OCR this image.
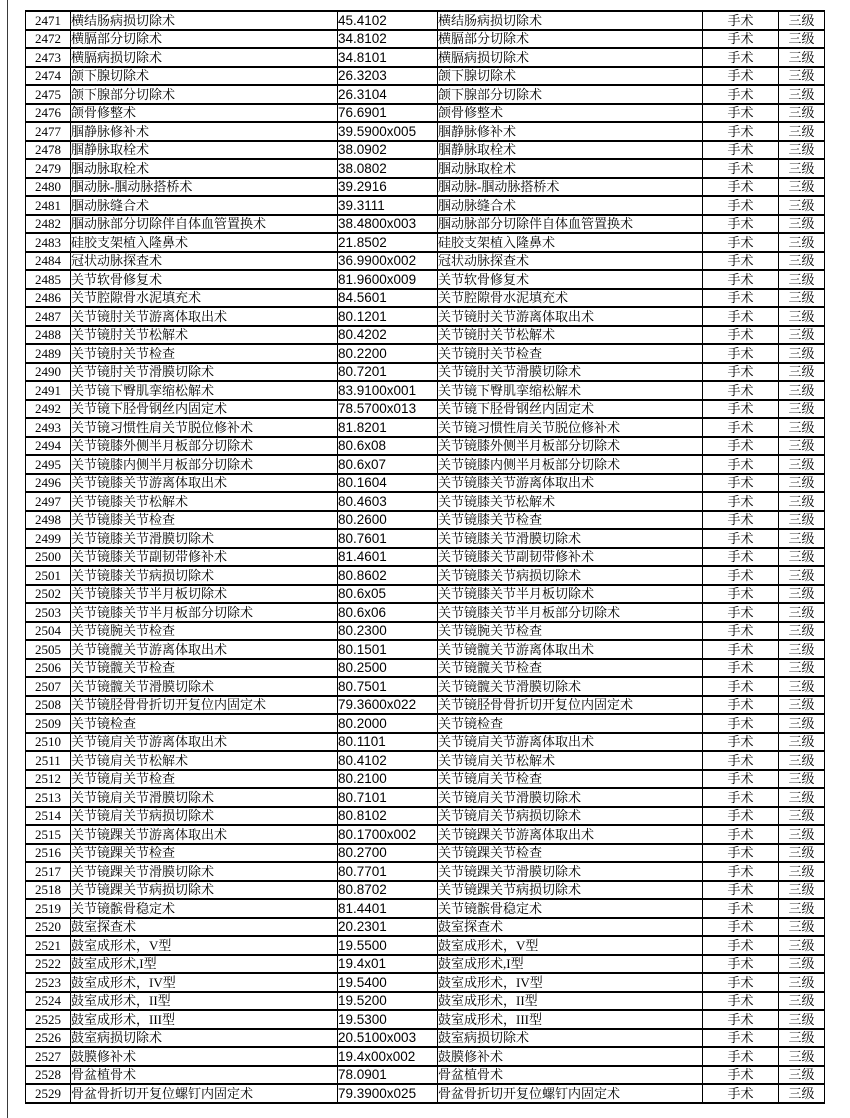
2471	横结肠病损切除术	45.4102	横结肠病损切除术	手术	三级
2472	横膈部分切除术	34.8102	横膈部分切除术	手术	三级
2473	横膈病损切除术	34.8101	横膈病损切除术	手术	三级
2474	颌下腺切除术	26.3203	颌下腺切除术	手术	三级
2475	颌下腺部分切除术	26.3104	颌下腺部分切除术	手术	三级
2476	颌骨修整术	76.6901	颌骨修整术	手术	三级
2477	腘静脉修补术	39.5900x005	腘静脉修补术	手术	三级
2478	腘静脉取栓术	38.0902	腘静脉取栓术	手术	三级
2479	腘动脉取栓术	38.0802	腘动脉取栓术	手术	三级
2480	腘动脉-腘动脉搭桥术	39.2916	腘动脉-腘动脉搭桥术	手术	三级
2481	腘动脉缝合术	39.3111	腘动脉缝合术	手术	三级
2482	腘动脉部分切除伴自体血管置换术	38.4800x003	腘动脉部分切除伴自体血管置换术	手术	三级
2483	硅胶支架植入隆鼻术	21.8502	硅胶支架植入隆鼻术	手术	三级
2484	冠状动脉探查术	36.9900x002	冠状动脉探查术	手术	三级
2485	关节软骨修复术	81.9600x009	关节软骨修复术	手术	三级
2486	关节腔隙骨水泥填充术	84.5601	关节腔隙骨水泥填充术	手术	三级
2487	关节镜肘关节游离体取出术	80.1201	关节镜肘关节游离体取出术	手术	三级
2488	关节镜肘关节松解术	80.4202	关节镜肘关节松解术	手术	三级
2489	关节镜肘关节检查	80.2200	关节镜肘关节检查	手术	三级
2490	关节镜肘关节滑膜切除术	80.7201	关节镜肘关节滑膜切除术	手术	三级
2491	关节镜下臀肌挛缩松解术	83.9100x001	关节镜下臀肌挛缩松解术	手术	三级
2492	关节镜下胫骨钢丝内固定术	78.5700x013	关节镜下胫骨钢丝内固定术	手术	三级
2493	关节镜习惯性肩关节脱位修补术	81.8201	关节镜习惯性肩关节脱位修补术	手术	三级
2494	关节镜膝外侧半月板部分切除术	80.6x08	关节镜膝外侧半月板部分切除术	手术	三级
2495	关节镜膝内侧半月板部分切除术	80.6x07	关节镜膝内侧半月板部分切除术	手术	三级
2496	关节镜膝关节游离体取出术	80.1604	关节镜膝关节游离体取出术	手术	三级
2497	关节镜膝关节松解术	80.4603	关节镜膝关节松解术	手术	三级
2498	关节镜膝关节检查	80.2600	关节镜膝关节检查	手术	三级
2499	关节镜膝关节滑膜切除术	80.7601	关节镜膝关节滑膜切除术	手术	三级
2500	关节镜膝关节副韧带修补术	81.4601	关节镜膝关节副韧带修补术	手术	三级
2501	关节镜膝关节病损切除术	80.8602	关节镜膝关节病损切除术	手术	三级
2502	关节镜膝关节半月板切除术	80.6x05	关节镜膝关节半月板切除术	手术	三级
2503	关节镜膝关节半月板部分切除术	80.6x06	关节镜膝关节半月板部分切除术	手术	三级
2504	关节镜腕关节检查	80.2300	关节镜腕关节检查	手术	三级
2505	关节镜髋关节游离体取出术	80.1501	关节镜髋关节游离体取出术	手术	三级
2506	关节镜髋关节检查	80.2500	关节镜髋关节检查	手术	三级
2507	关节镜髋关节滑膜切除术	80.7501	关节镜髋关节滑膜切除术	手术	三级
2508	关节镜胫骨骨折切开复位内固定术	79.3600x022	关节镜胫骨骨折切开复位内固定术	手术	三级
2509	关节镜检查	80.2000	关节镜检查	手术	三级
2510	关节镜肩关节游离体取出术	80.1101	关节镜肩关节游离体取出术	手术	三级
2511	关节镜肩关节松解术	80.4102	关节镜肩关节松解术	手术	三级
2512	关节镜肩关节检查	80.2100	关节镜肩关节检查	手术	三级
2513	关节镜肩关节滑膜切除术	80.7101	关节镜肩关节滑膜切除术	手术	三级
2514	关节镜肩关节病损切除术	80.8102	关节镜肩关节病损切除术	手术	三级
2515	关节镜踝关节游离体取出术	80.1700x002	关节镜踝关节游离体取出术	手术	三级
2516	关节镜踝关节检查	80.2700	关节镜踝关节检查	手术	三级
2517	关节镜踝关节滑膜切除术	80.7701	关节镜踝关节滑膜切除术	手术	三级
2518	关节镜踝关节病损切除术	80.8702	关节镜踝关节病损切除术	手术	三级
2519	关节镜髌骨稳定术	81.4401	关节镜髌骨稳定术	手术	三级
2520	鼓室探查术	20.2301	鼓室探查术	手术	三级
2521	鼓室成形术，V型	19.5500	鼓室成形术，V型	手术	三级
2522	鼓室成形术,I型	19.4x01	鼓室成形术,I型	手术	三级
2523	鼓室成形术，IV型	19.5400	鼓室成形术，IV型	手术	三级
2524	鼓室成形术，II型	19.5200	鼓室成形术，II型	手术	三级
2525	鼓室成形术，III型	19.5300	鼓室成形术，III型	手术	三级
2526	鼓室病损切除术	20.5100x003	鼓室病损切除术	手术	三级
2527	鼓膜修补术	19.4x00x002	鼓膜修补术	手术	三级
2528	骨盆植骨术	78.0901	骨盆植骨术	手术	三级
2529	骨盆骨折切开复位螺钉内固定术	79.3900x025	骨盆骨折切开复位螺钉内固定术	手术	三级
